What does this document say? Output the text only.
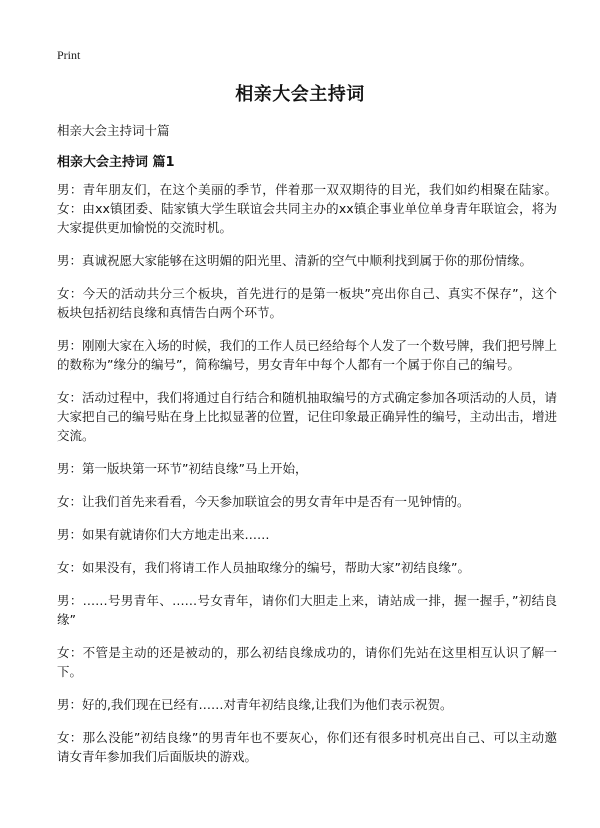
Print
相亲大会主持词
相亲大会主持词十篇
相亲大会主持词 篇1

男：青年朋友们，在这个美丽的季节，伴着那一双双期待的目光，我们如约相聚在陆家。女：由xx镇团委、陆家镇大学生联谊会共同主办的xx镇企事业单位单身青年联谊会，将为大家提供更加愉悦的交流时机。

男：真诚祝愿大家能够在这明媚的阳光里、清新的空气中顺利找到属于你的那份情缘。

女：今天的活动共分三个板块，首先进行的是第一板块”亮出你自己、真实不保存”，这个板块包括初结良缘和真情告白两个环节。

男：刚刚大家在入场的时候，我们的工作人员已经给每个人发了一个数号牌，我们把号牌上的数称为”缘分的编号”，简称编号，男女青年中每个人都有一个属于你自己的编号。

女：活动过程中，我们将通过自行结合和随机抽取编号的方式确定参加各项活动的人员，请大家把自己的编号贴在身上比拟显著的位置，记住印象最正确异性的编号，主动出击，增进交流。

男：第一版块第一环节”初结良缘”马上开始，

女：让我们首先来看看，今天参加联谊会的男女青年中是否有一见钟情的。

男：如果有就请你们大方地走出来……

女：如果没有，我们将请工作人员抽取缘分的编号，帮助大家”初结良缘”。

男：……号男青年、……号女青年，请你们大胆走上来，请站成一排，握一握手，”初结良缘”

女：不管是主动的还是被动的，那么初结良缘成功的，请你们先站在这里相互认识了解一下。

男：好的,我们现在已经有……对青年初结良缘,让我们为他们表示祝贺。

女：那么没能”初结良缘”的男青年也不要灰心，你们还有很多时机亮出自己、可以主动邀请女青年参加我们后面版块的游戏。
